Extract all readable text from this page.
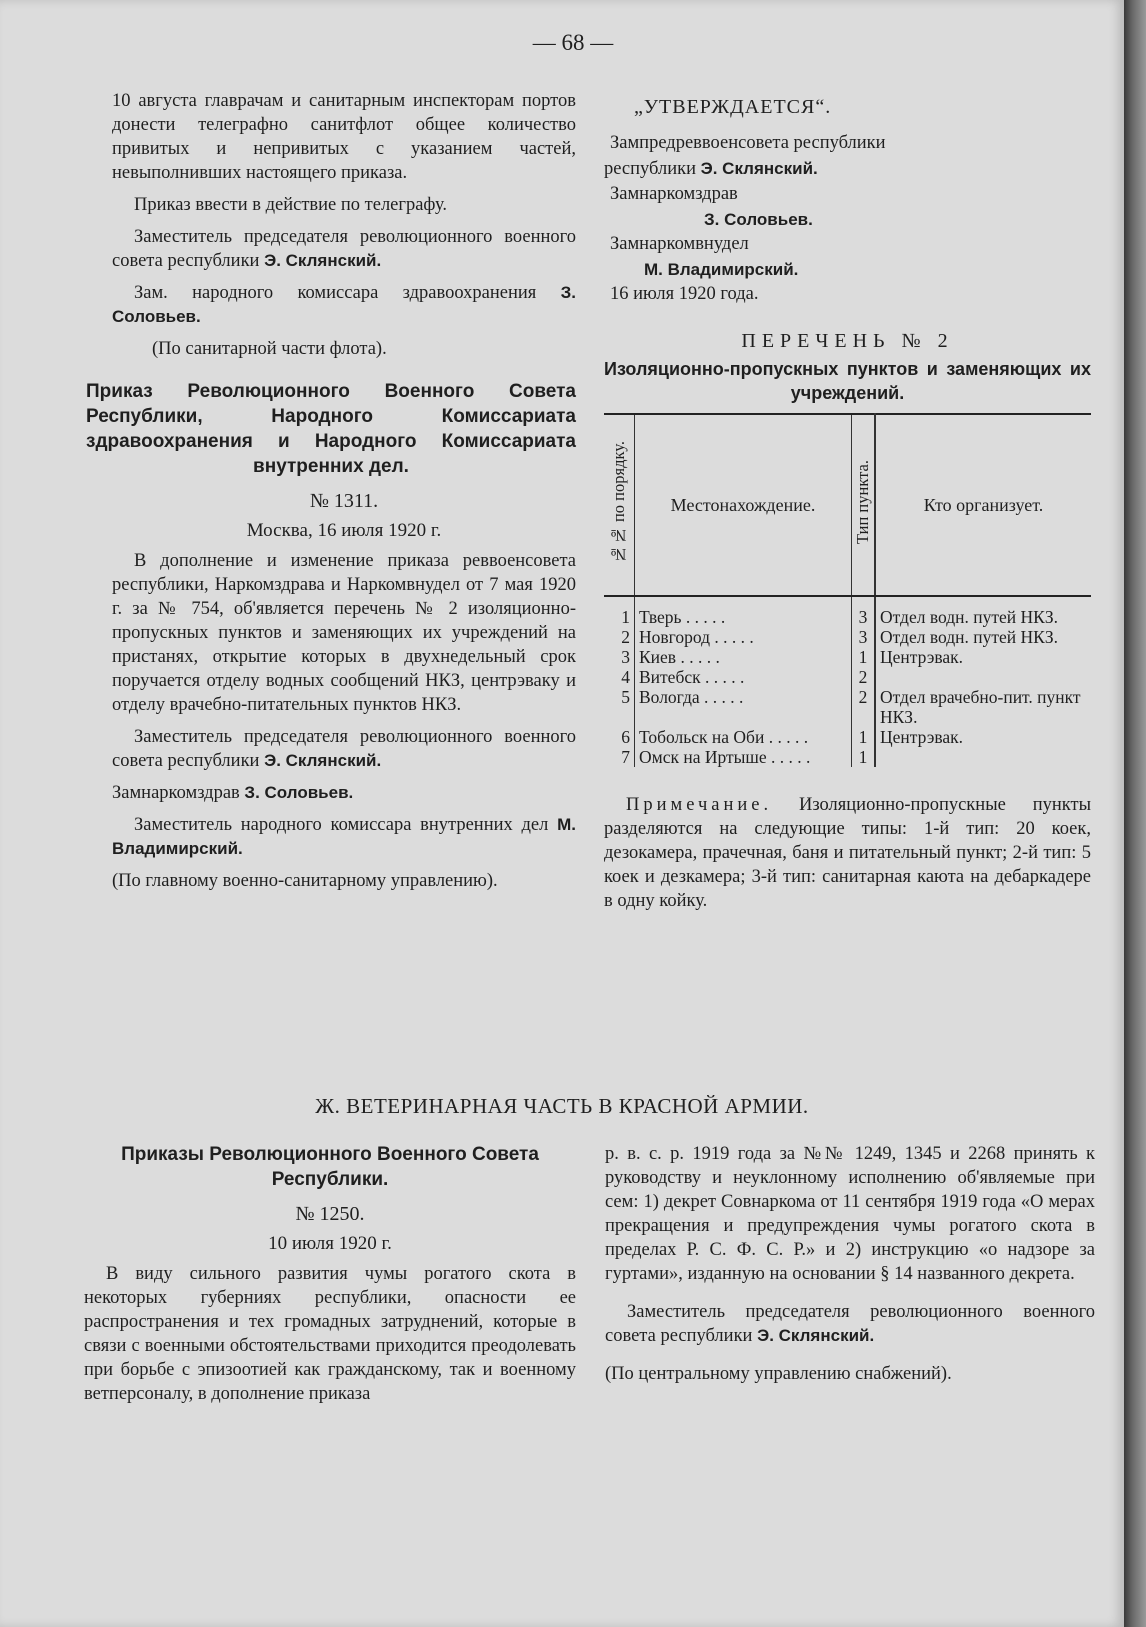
— 68 —

10 августа главрачам и санитарным инспекторам портов донести телеграфно санитфлот общее количество привитых и непривитых с указанием частей, невыполнивших настоящего приказа.

Приказ ввести в действие по телеграфу.

Заместитель председателя революционного военного совета республики Э. Склянский.

Зам. народного комиссара здравоохранения З. Соловьев.

(По санитарной части флота).

Приказ Революционного Военного Совета Республики, Народного Комиссариата здравоохранения и Народного Комиссариата внутренних дел.
№ 1311.
Москва, 16 июля 1920 г.

В дополнение и изменение приказа реввоенсовета республики, Наркомздрава и Наркомвнудел от 7 мая 1920 г. за № 754, об'является перечень № 2 изоляционно-пропускных пунктов и заменяющих их учреждений на пристанях, открытие которых в двухнедельный срок поручается отделу водных сообщений НКЗ, центрэваку и отделу врачебно-питательных пунктов НКЗ.

Заместитель председателя революционного военного совета республики Э. Склянский.

Замнаркомздрав З. Соловьев.

Заместитель народного комиссара внутренних дел М. Владимирский.

(По главному военно-санитарному управлению).

„УТВЕРЖДАЕТСЯ“.
Зампредреввоенсовета республики
республики Э. Склянский.
Замнаркомздрав
З. Соловьев.
Замнаркомвнудел
М. Владимирский.
16 июля 1920 года.
ПЕРЕЧЕНЬ № 2
Изоляционно-пропускных пунктов и заменяющих их учреждений.
№№ по порядку.	Местонахождение.	Тип пункта.	Кто организует.
1	Тверь . . . . .	3	Отдел водн. путей НКЗ.
2	Новгород . . . . .	3	Отдел водн. путей НКЗ.
3	Киев . . . . .	1	Центрэвак.
4	Витебск . . . . .	2	
5	Вологда . . . . .	2	Отдел врачебно-пит. пункт НКЗ.
6	Тобольск на Оби . . . . .	1	Центрэвак.
7	Омск на Иртыше . . . . .	1	

Примечание. Изоляционно-пропускные пункты разделяются на следующие типы: 1-й тип: 20 коек, дезокамера, прачечная, баня и питательный пункт; 2-й тип: 5 коек и дезкамера; 3-й тип: санитарная каюта на дебаркадере в одну койку.

Ж. ВЕТЕРИНАРНАЯ ЧАСТЬ В КРАСНОЙ АРМИИ.
Приказы Революционного Военного Совета Республики.
№ 1250.
10 июля 1920 г.

В виду сильного развития чумы рогатого скота в некоторых губерниях республики, опасности ее распространения и тех громадных затруднений, которые в связи с военными обстоятельствами приходится преодолевать при борьбе с эпизоотией как гражданскому, так и военному ветперсоналу, в дополнение приказа

р. в. с. р. 1919 года за №№ 1249, 1345 и 2268 принять к руководству и неуклонному исполнению об'являемые при сем: 1) декрет Совнаркома от 11 сентября 1919 года «О мерах прекращения и предупреждения чумы рогатого скота в пределах Р. С. Ф. С. Р.» и 2) инструкцию «о надзоре за гуртами», изданную на основании § 14 названного декрета.

Заместитель председателя революционного военного совета республики Э. Склянский.

(По центральному управлению снабжений).
